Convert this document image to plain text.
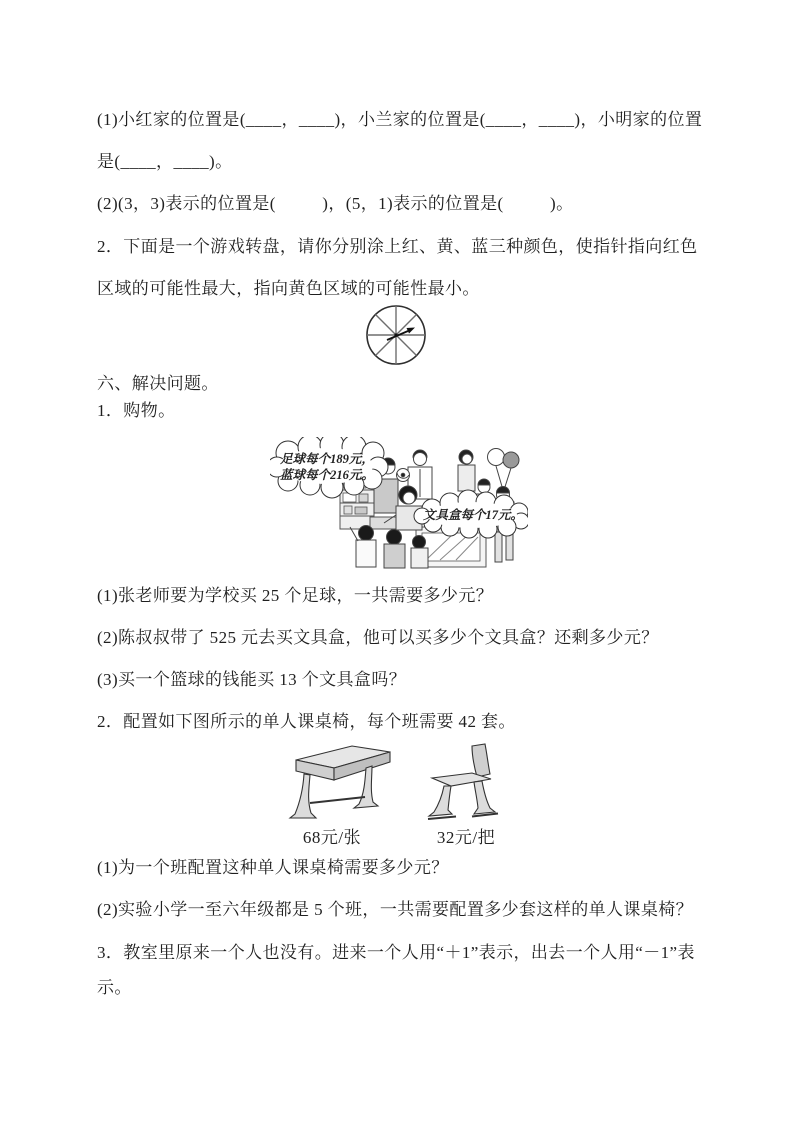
(1)小红家的位置是(____，____)，小兰家的位置是(____，____)，小明家的位置
是(____，____)。
(2)(3，3)表示的位置是(          )，(5，1)表示的位置是(          )。
2．下面是一个游戏转盘，请你分别涂上红、黄、蓝三种颜色，使指针指向红色
区域的可能性最大，指向黄色区域的可能性最小。
六、解决问题。
1．购物。
足球每个189元，
蓝球每个216元。
文具盒每个17元。
(1)张老师要为学校买 25 个足球，一共需要多少元？
(2)陈叔叔带了 525 元去买文具盒，他可以买多少个文具盒？还剩多少元？
(3)买一个篮球的钱能买 13 个文具盒吗？
2．配置如下图所示的单人课桌椅，每个班需要 42 套。
68元/张	32元/把
(1)为一个班配置这种单人课桌椅需要多少元？
(2)实验小学一至六年级都是 5 个班，一共需要配置多少套这样的单人课桌椅？
3．教室里原来一个人也没有。进来一个人用“＋1”表示，出去一个人用“－1”表
示。
